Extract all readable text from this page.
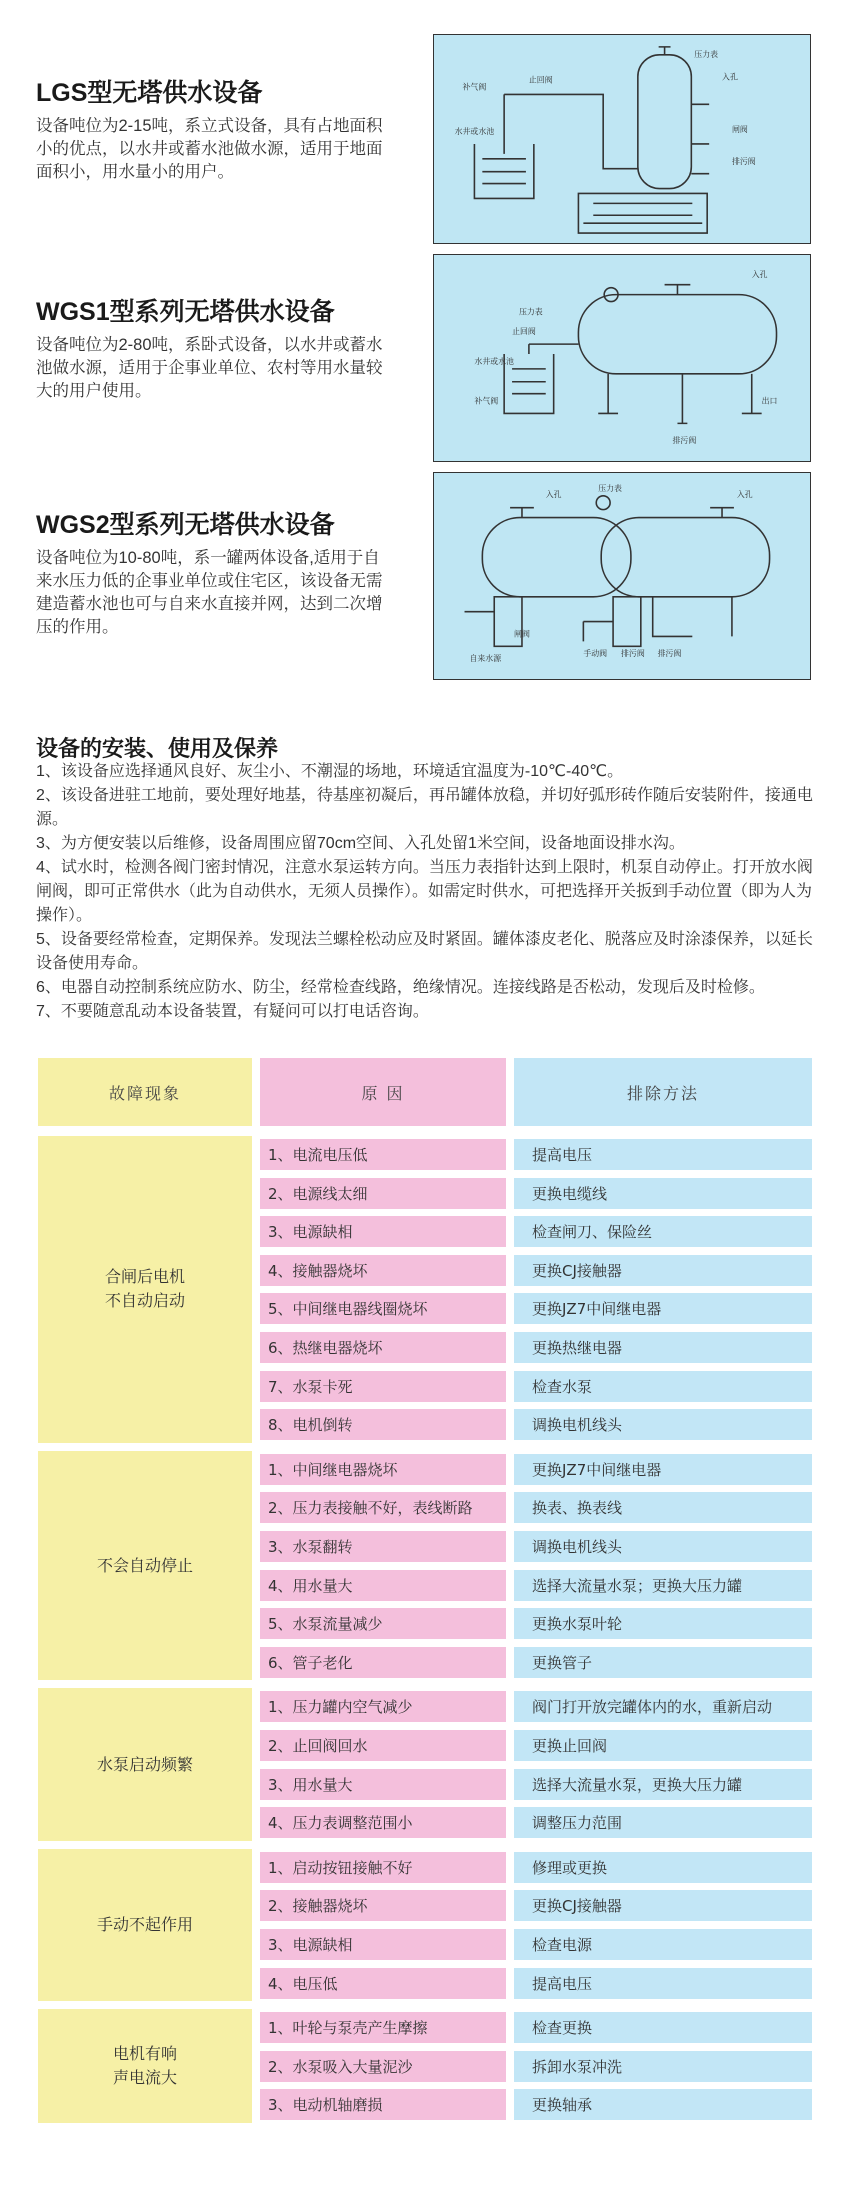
LGS型无塔供水设备
设备吨位为2-15吨，系立式设备，具有占地面积小的优点，以水井或蓄水池做水源，适用于地面面积小，用水量小的用户。
压力表
入孔
止回阀
补气阀
水井或水池	闸阀
排污阀
WGS1型系列无塔供水设备
设备吨位为2-80吨，系卧式设备，以水井或蓄水池做水源，适用于企事业单位、农村等用水量较大的用户使用。
入孔
压力表
止回阀
水井或水池
补气阀
排污阀
出口
WGS2型系列无塔供水设备
设备吨位为10-80吨，系一罐两体设备,适用于自来水压力低的企事业单位或住宅区，该设备无需建造蓄水池也可与自来水直接并网，达到二次增压的作用。
入孔
压力表
入孔
自来水源
闸阀
手动阀 排污阀 排污阀
设备的安装、使用及保养

1、该设备应选择通风良好、灰尘小、不潮湿的场地，环境适宜温度为-10℃-40℃。

2、该设备进驻工地前，要处理好地基，待基座初凝后，再吊罐体放稳，并切好弧形砖作随后安装附件，接通电源。

3、为方便安装以后维修，设备周围应留70cm空间、入孔处留1米空间，设备地面设排水沟。

4、试水时，检测各阀门密封情况，注意水泵运转方向。当压力表指针达到上限时，机泵自动停止。打开放水阀闸阀，即可正常供水（此为自动供水，无须人员操作）。如需定时供水，可把选择开关扳到手动位置（即为人为操作）。

5、设备要经常检查，定期保养。发现法兰螺栓松动应及时紧固。罐体漆皮老化、脱落应及时涂漆保养，以延长设备使用寿命。

6、电器自动控制系统应防水、防尘，经常检查线路，绝缘情况。连接线路是否松动，发现后及时检修。

7、不要随意乱动本设备装置，有疑问可以打电话咨询。

故障现象	原 因	排除方法
1、电流电压低	提高电压
2、电源线太细	更换电缆线
3、电源缺相	检查闸刀、保险丝
4、接触器烧坏	更换CJ接触器
5、中间继电器线圈烧坏	更换JZ7中间继电器
6、热继电器烧坏	更换热继电器
7、水泵卡死	检查水泵
8、电机倒转	调换电机线头
合闸后电机
不自动启动
1、中间继电器烧坏	更换JZ7中间继电器
2、压力表接触不好，表线断路	换表、换表线
3、水泵翻转	调换电机线头
4、用水量大	选择大流量水泵；更换大压力罐
5、水泵流量减少	更换水泵叶轮
6、管子老化	更换管子
不会自动停止
1、压力罐内空气减少	阀门打开放完罐体内的水，重新启动
2、止回阀回水	更换止回阀
3、用水量大	选择大流量水泵，更换大压力罐
4、压力表调整范围小	调整压力范围
水泵启动频繁
1、启动按钮接触不好	修理或更换
2、接触器烧坏	更换CJ接触器
3、电源缺相	检查电源
4、电压低	提高电压
手动不起作用
1、叶轮与泵壳产生摩擦	检查更换
2、水泵吸入大量泥沙	拆卸水泵冲洗
3、电动机轴磨损	更换轴承
电机有响
声电流大
